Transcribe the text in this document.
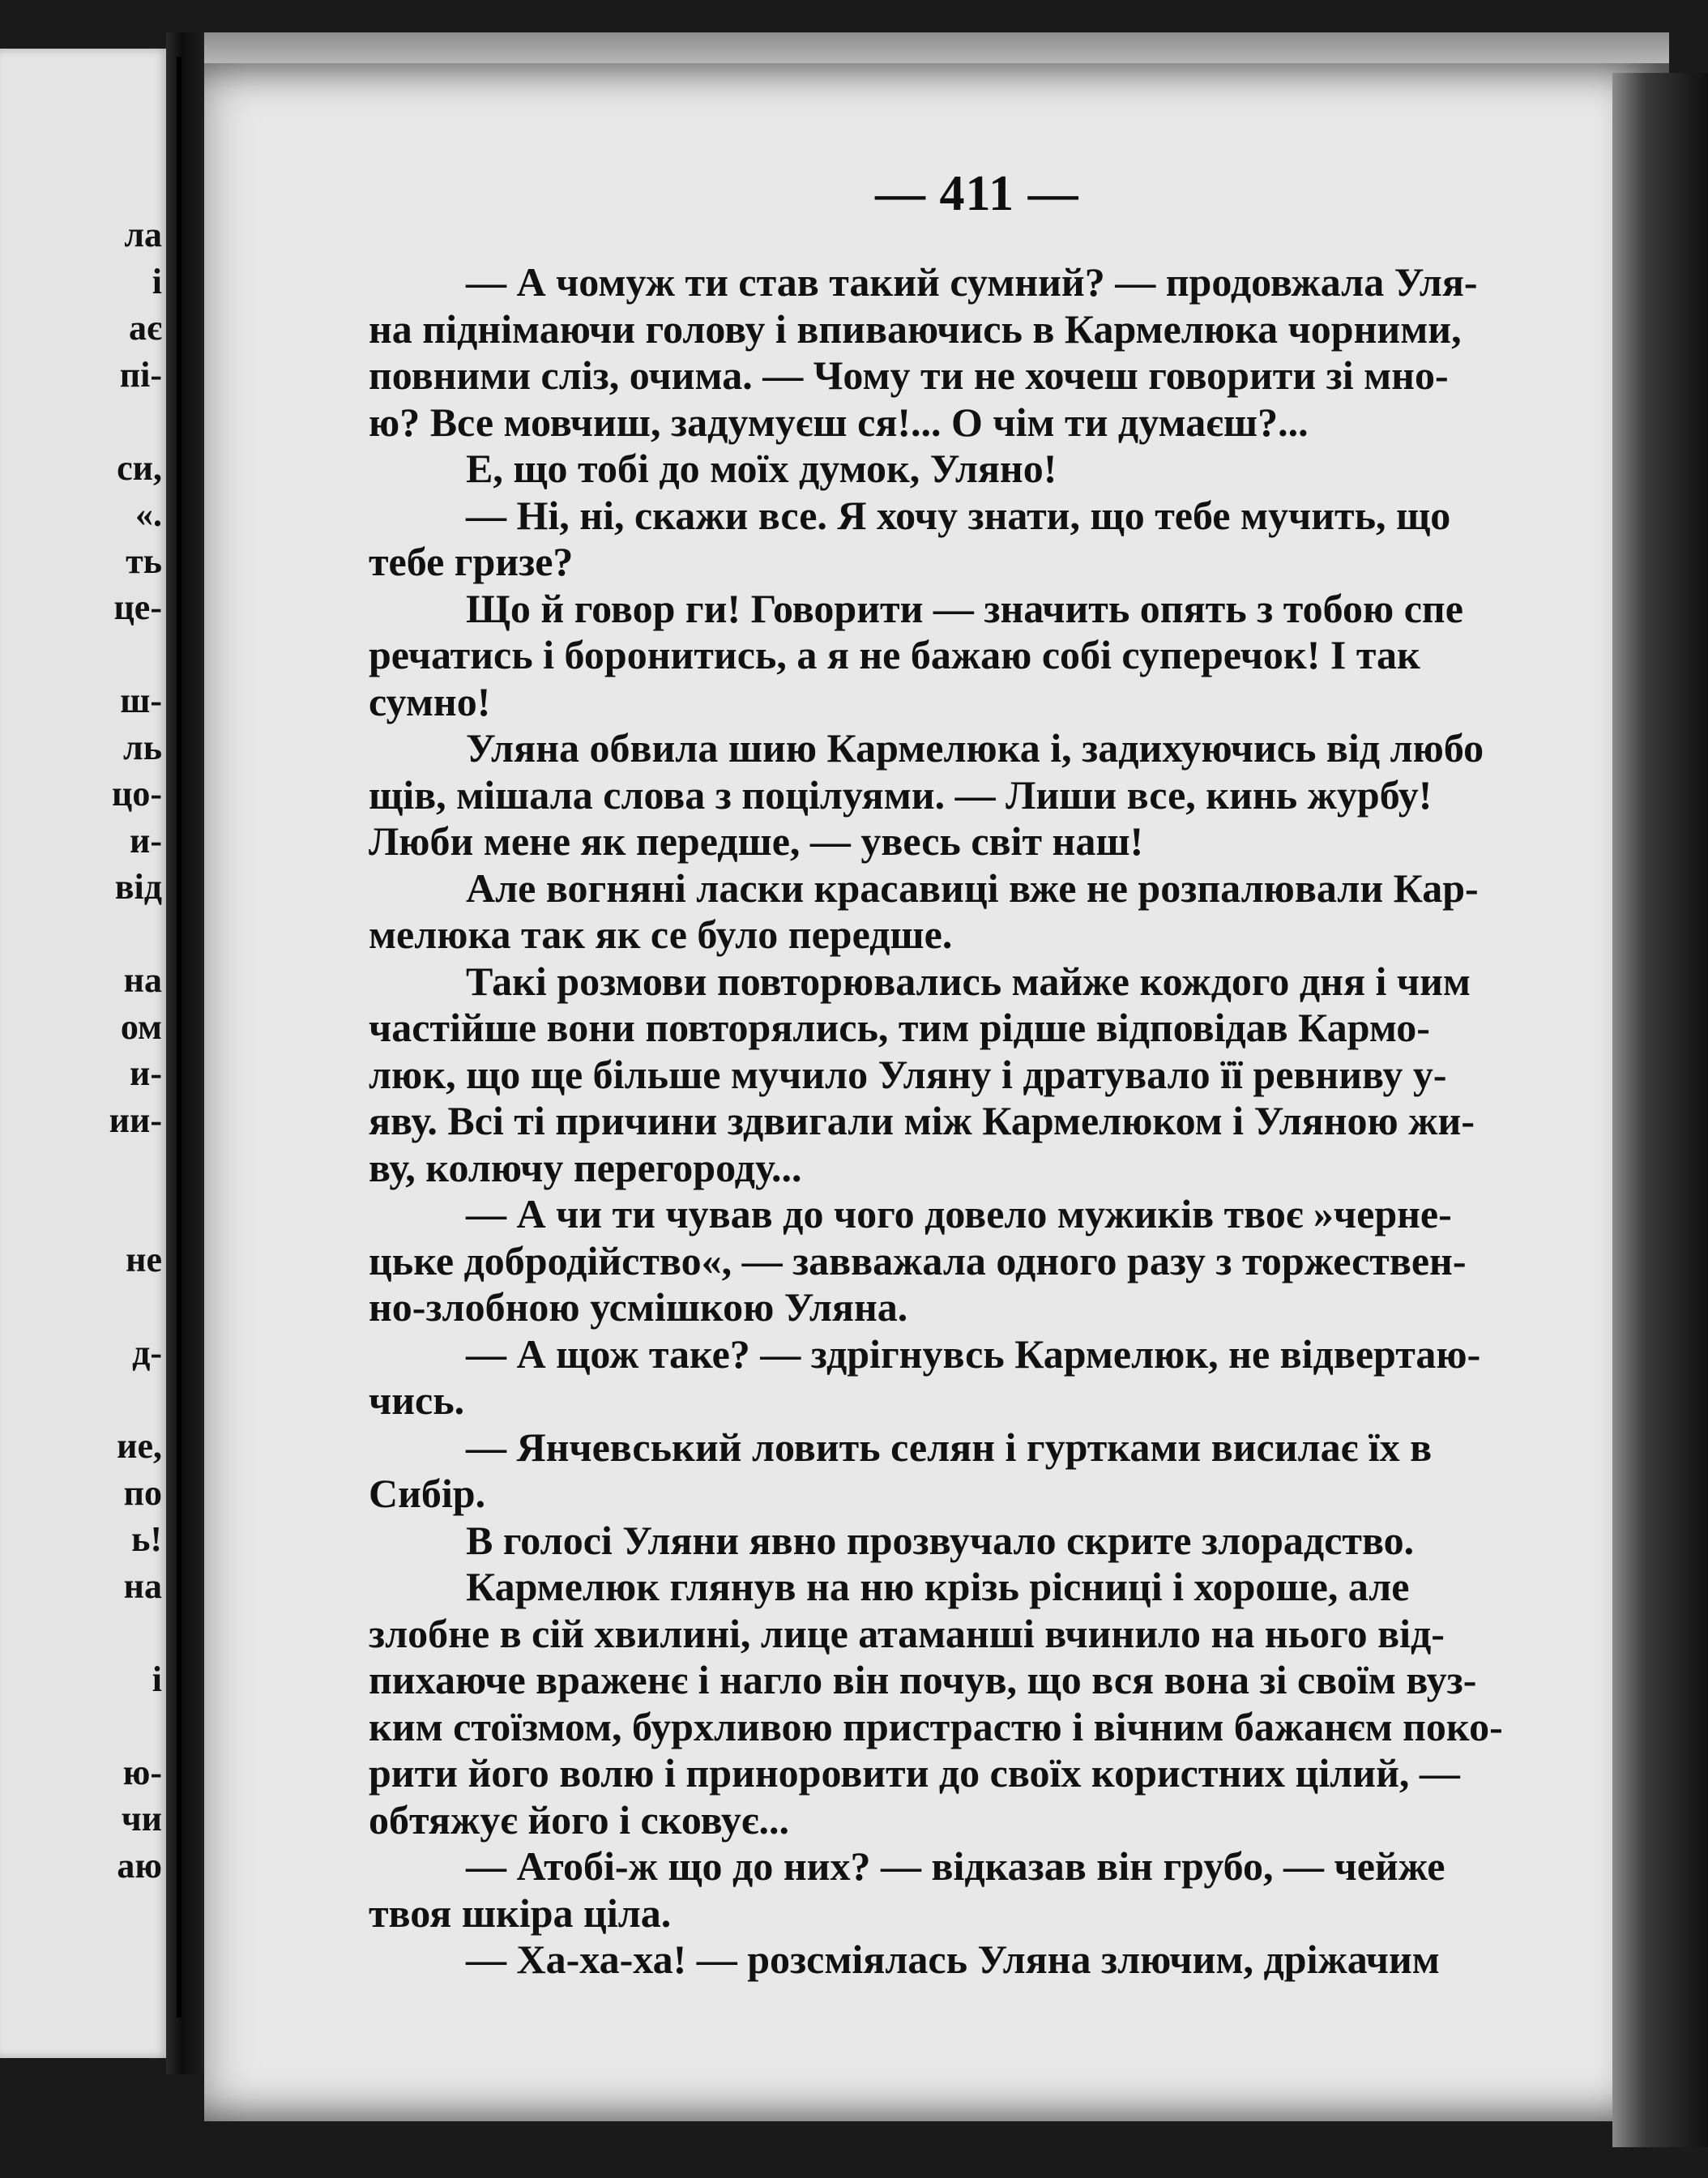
ла
і
ає
пі-
си,
«.
ть
це-
ш-
ль
цо-
и-
від
на
ом
и-
ии-
не
д-
ие,
по
ь!
на
і
ю-
чи
аю
— 411 —
— А чомуж ти став такий сумний? — продовжала Уля-
на піднімаючи голову і впиваючись в Кармелюка чорними,
повними сліз, очима. — Чому ти не хочеш говорити зі мно-
ю? Все мовчиш, задумуєш ся!... О чім ти думаєш?...
Е, що тобі до моїх думок, Уляно!
— Ні, ні, скажи все. Я хочу знати, що тебе мучить, що
тебе гризе?
Що й говор ги! Говорити — значить опять з тобою спе
речатись і боронитись, а я не бажаю собі суперечок! І так
сумно!
Уляна обвила шию Кармелюка і, задихуючись від любо
щів, мішала слова з поцілуями. — Лиши все, кинь журбу!
Люби мене як передше, — увесь світ наш!
Але вогняні ласки красавиці вже не розпалювали Кар-
мелюка так як се було передше.
Такі розмови повторювались майже кождого дня і чим
частійше вони повторялись, тим рідше відповідав Кармо-
люк, що ще більше мучило Уляну і дратувало її ревниву у-
яву. Всі ті причини здвигали між Кармелюком і Уляною жи-
ву, колючу перегороду...
— А чи ти чував до чого довело мужиків твоє »черне-
цьке добродійство«, — завважала одного разу з торжествен-
но-злобною усмішкою Уляна.
— А щож таке? — здрігнувсь Кармелюк, не відвертаю-
чись.
— Янчевський ловить селян і гуртками висилає їх в
Сибір.
В голосі Уляни явно прозвучало скрите злорадство.
Кармелюк глянув на ню крізь рісниці і хороше, але
злобне в сій хвилині, лице атаманші вчинило на нього від-
пихаюче враженє і нагло він почув, що вся вона зі своїм вуз-
ким стоїзмом, бурхливою пристрастю і вічним бажанєм поко-
рити його волю і приноровити до своїх користних цілий, —
обтяжує його і сковує...
— Атобі-ж що до них? — відказав він грубо, — чейже
твоя шкіра ціла.
— Ха-ха-ха! — розсміялась Уляна злючим, дріжачим
